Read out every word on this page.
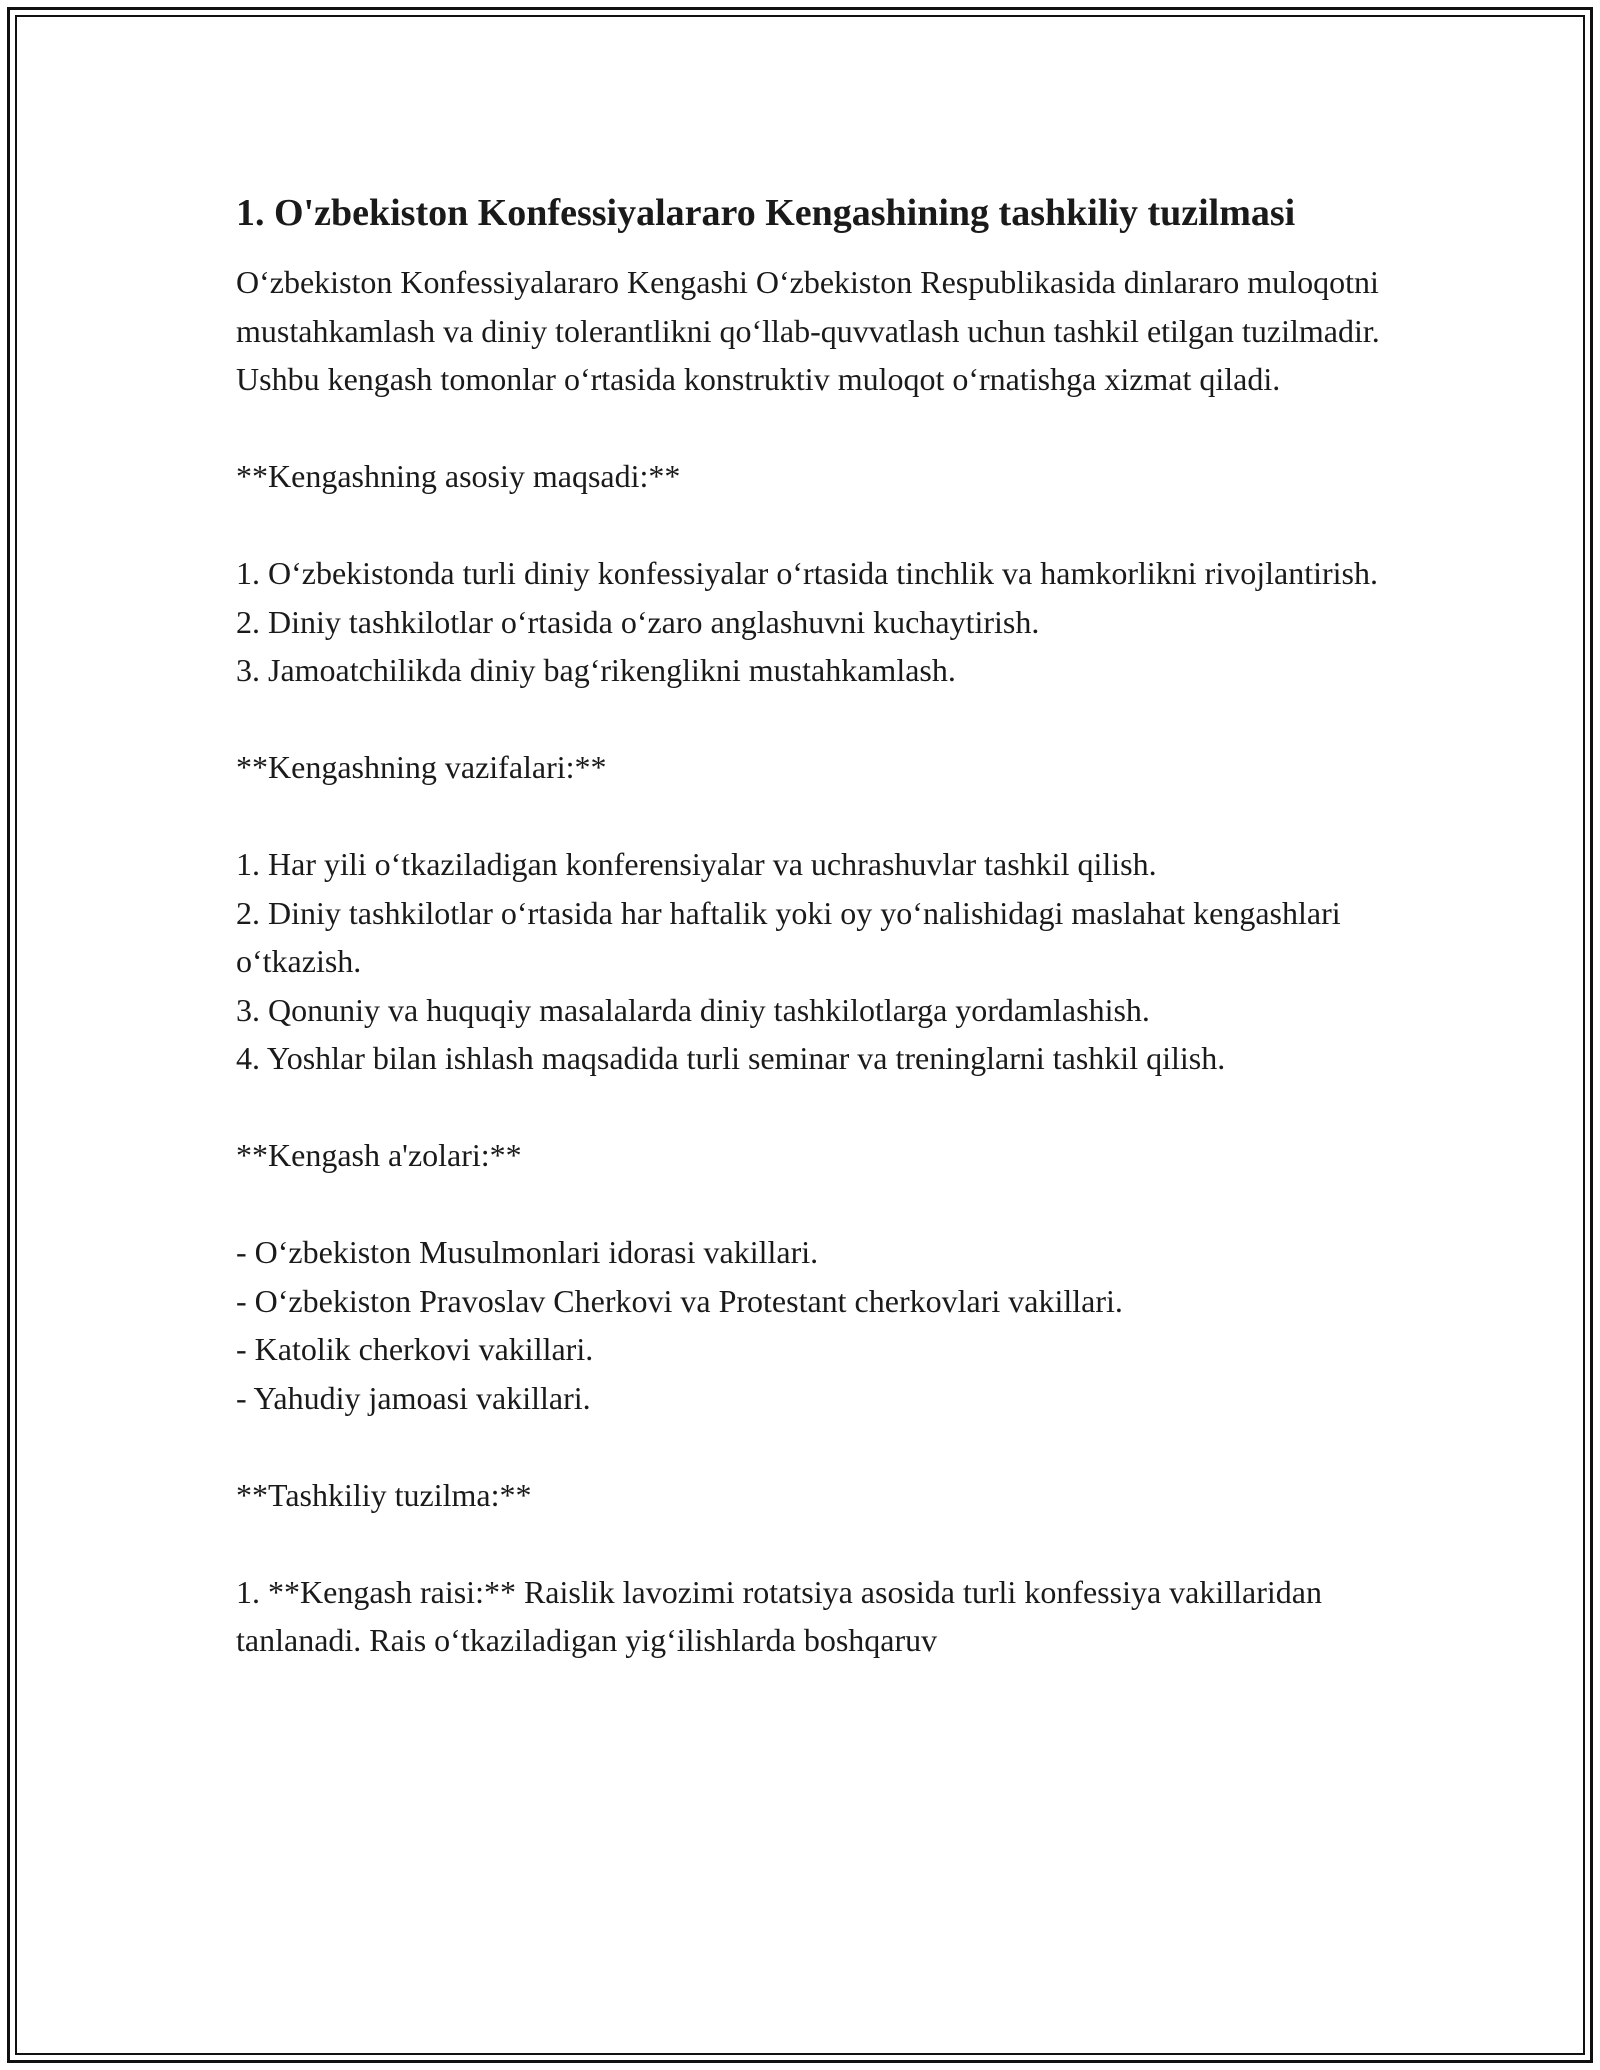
1. O'zbekiston Konfessiyalararo Kengashining tashkiliy tuzilmasi

O‘zbekiston Konfessiyalararo Kengashi O‘zbekiston Respublikasida dinlararo muloqotni mustahkamlash va diniy tolerantlikni qo‘llab-quvvatlash uchun tashkil etilgan tuzilmadir. Ushbu kengash tomonlar o‘rtasida konstruktiv muloqot o‘rnatishga xizmat qiladi.

**Kengashning asosiy maqsadi:**

1. O‘zbekistonda turli diniy konfessiyalar o‘rtasida tinchlik va hamkorlikni rivojlantirish.

2. Diniy tashkilotlar o‘rtasida o‘zaro anglashuvni kuchaytirish.

3. Jamoatchilikda diniy bag‘rikenglikni mustahkamlash.

**Kengashning vazifalari:**

1. Har yili o‘tkaziladigan konferensiyalar va uchrashuvlar tashkil qilish.

2. Diniy tashkilotlar o‘rtasida har haftalik yoki oy yo‘nalishidagi maslahat kengashlari o‘tkazish.

3. Qonuniy va huquqiy masalalarda diniy tashkilotlarga yordamlashish.

4. Yoshlar bilan ishlash maqsadida turli seminar va treninglarni tashkil qilish.

**Kengash a'zolari:**

- O‘zbekiston Musulmonlari idorasi vakillari.

- O‘zbekiston Pravoslav Cherkovi va Protestant cherkovlari vakillari.

- Katolik cherkovi vakillari.

- Yahudiy jamoasi vakillari.

**Tashkiliy tuzilma:**

1. **Kengash raisi:** Raislik lavozimi rotatsiya asosida turli konfessiya vakillaridan tanlanadi. Rais o‘tkaziladigan yig‘ilishlarda boshqaruv
